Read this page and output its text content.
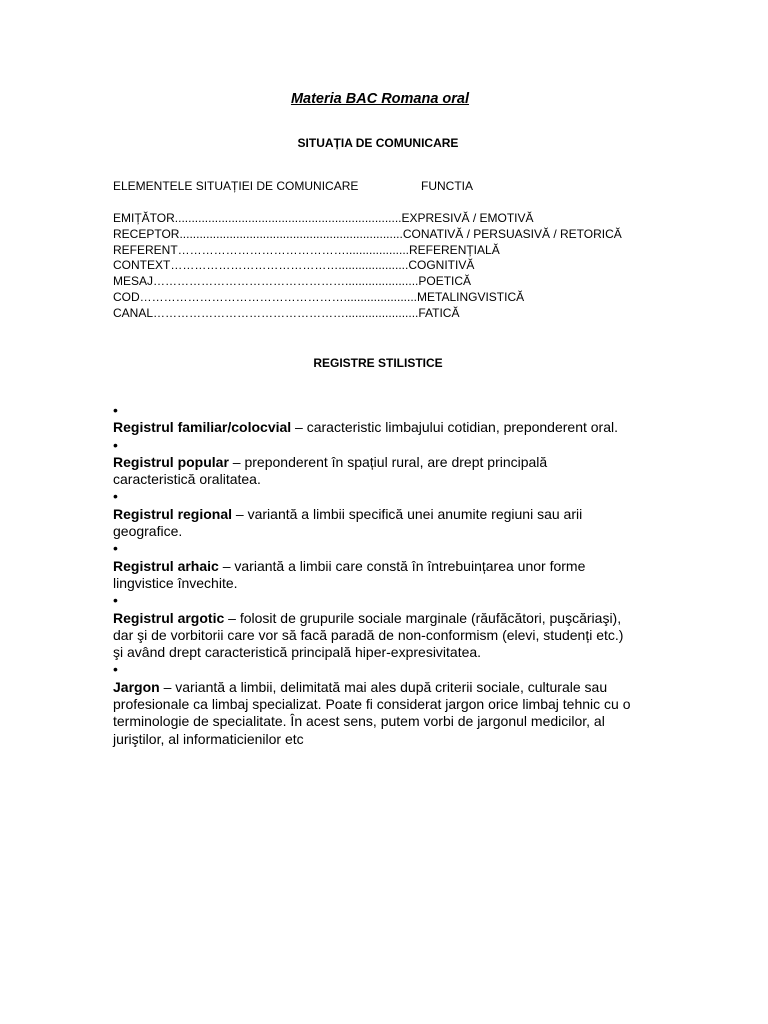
Materia BAC Romana oral
SITUAȚIA DE COMUNICARE
ELEMENTELE SITUAȚIEI DE COMUNICARE	FUNCTIA
EMIȚĂTOR....................................................................EXPRESIVĂ / EMOTIVĂ
RECEPTOR...................................................................CONATIVĂ / PERSUASIVĂ / RETORICĂ
REFERENT……………………………………...................REFERENȚIALĂ
CONTEXT…………………………………….....................COGNITIVĂ
MESAJ…………………………………………......................POETICĂ
COD……………………………………………......................METALINGVISTICĂ
CANAL…………………………………………......................FATICĂ
REGISTRE STILISTICE
•

Registrul familiar/colocvial – caracteristic limbajului cotidian, preponderent oral.

•

Registrul popular – preponderent în spațiul rural, are drept principală caracteristică oralitatea.

•

Registrul regional – variantă a limbii specifică unei anumite regiuni sau arii geografice.

•

Registrul arhaic – variantă a limbii care constă în întrebuințarea unor forme lingvistice învechite.

•

Registrul argotic – folosit de grupurile sociale marginale (răufăcători, puşcăriaşi), dar şi de vorbitorii care vor să facă paradă de non-conformism (elevi, studenți etc.) şi având drept caracteristică principală hiper-expresivitatea.

•

Jargon – variantă a limbii, delimitată mai ales după criterii sociale, culturale sau profesionale ca limbaj specializat. Poate fi considerat jargon orice limbaj tehnic cu o terminologie de specialitate. În acest sens, putem vorbi de jargonul medicilor, al juriştilor, al informaticienilor etc
